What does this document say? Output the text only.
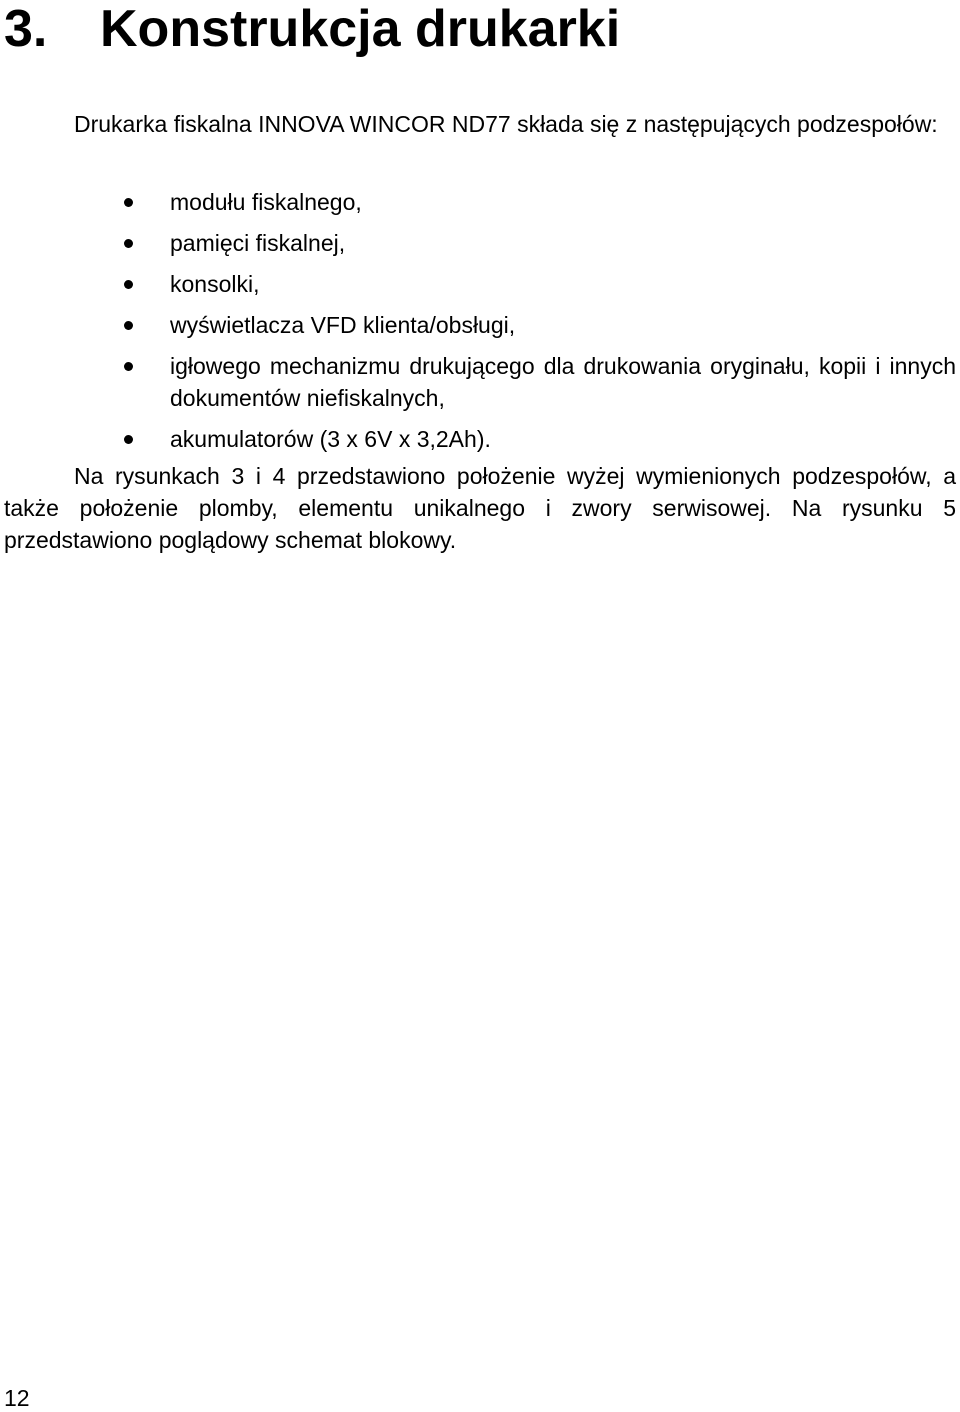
3. Konstrukcja drukarki

Drukarka fiskalna INNOVA WINCOR ND77 składa się z następujących podzespołów:

modułu fiskalnego,
pamięci fiskalnej,
konsolki,
wyświetlacza VFD klienta/obsługi,
igłowego mechanizmu drukującego dla drukowania oryginału, kopii i innych dokumentów niefiskalnych,
akumulatorów (3 x 6V x 3,2Ah).

Na rysunkach 3 i 4 przedstawiono położenie wyżej wymienionych podzespołów, a także położenie plomby, elementu unikalnego i zwory serwisowej. Na rysunku 5 przedstawiono poglądowy schemat blokowy.

12
